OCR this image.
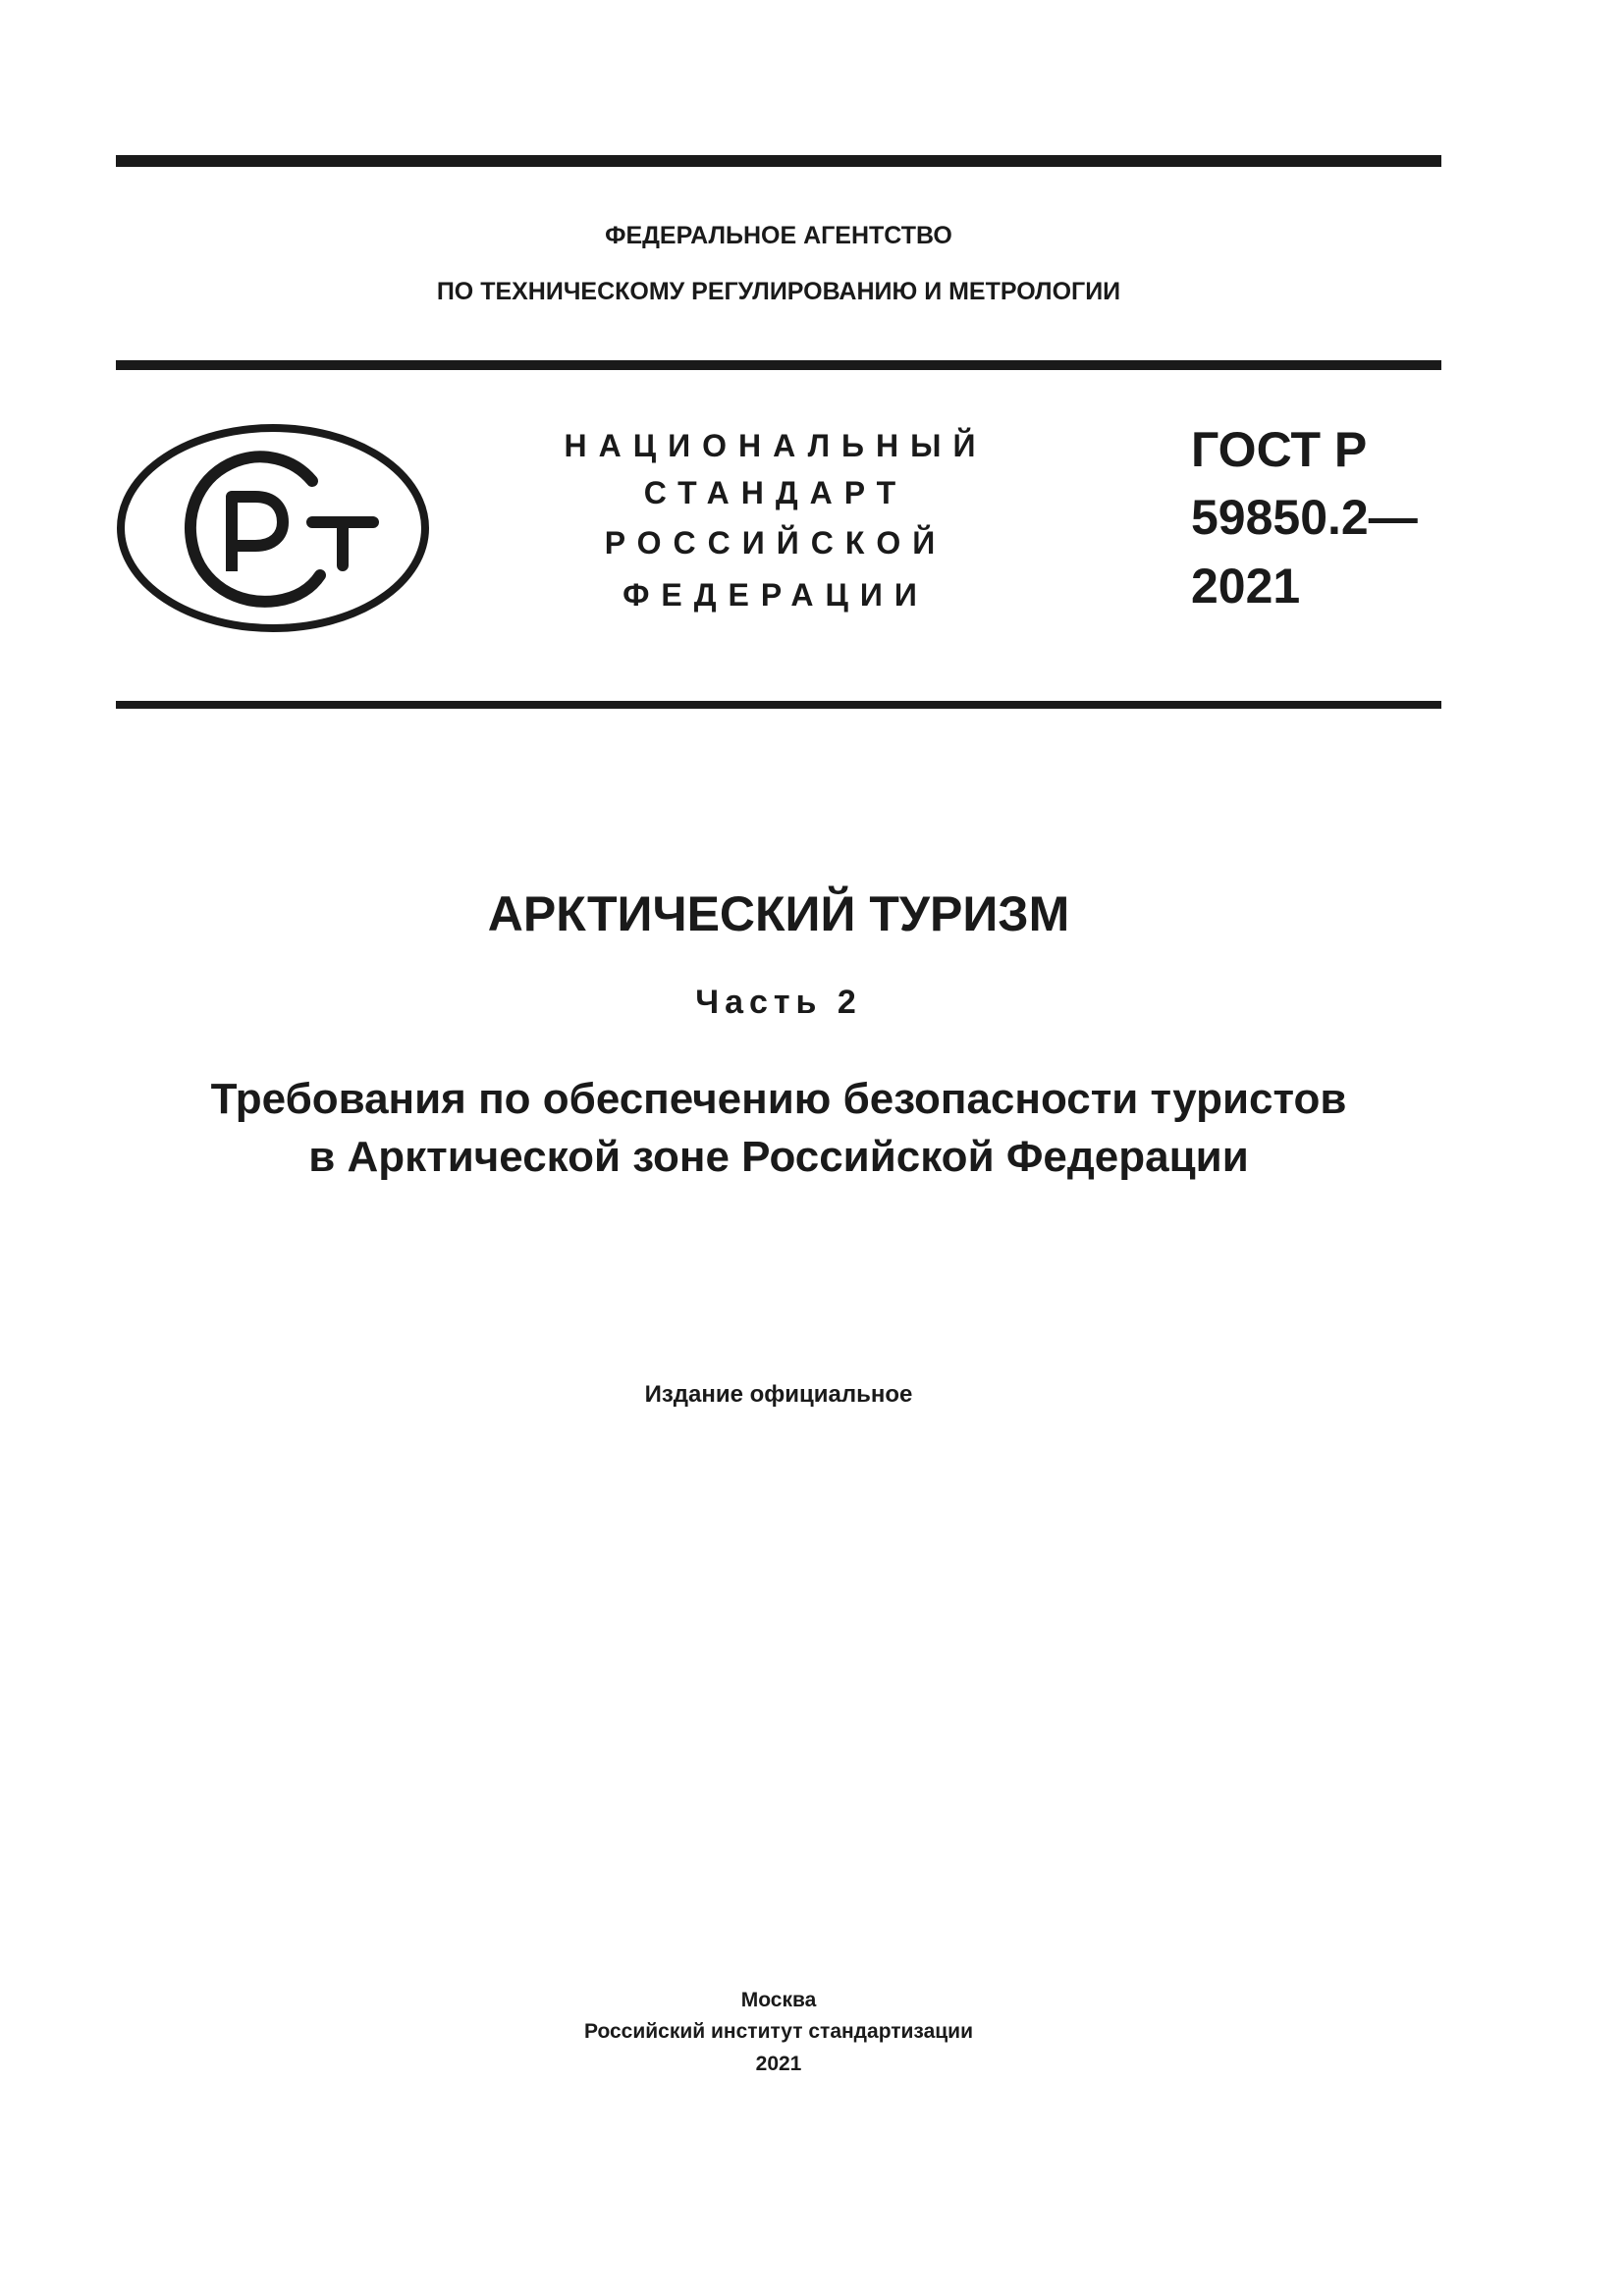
ФЕДЕРАЛЬНОЕ АГЕНТСТВО
ПО ТЕХНИЧЕСКОМУ РЕГУЛИРОВАНИЮ И МЕТРОЛОГИИ
НАЦИОНАЛЬНЫЙ
СТАНДАРТ
РОССИЙСКОЙ
ФЕДЕРАЦИИ
ГОСТ Р
59850.2—
2021
АРКТИЧЕСКИЙ ТУРИЗМ
Часть 2
Требования по обеспечению безопасности туристов
в Арктической зоне Российской Федерации
Издание официальное
Москва
Российский институт стандартизации
2021
